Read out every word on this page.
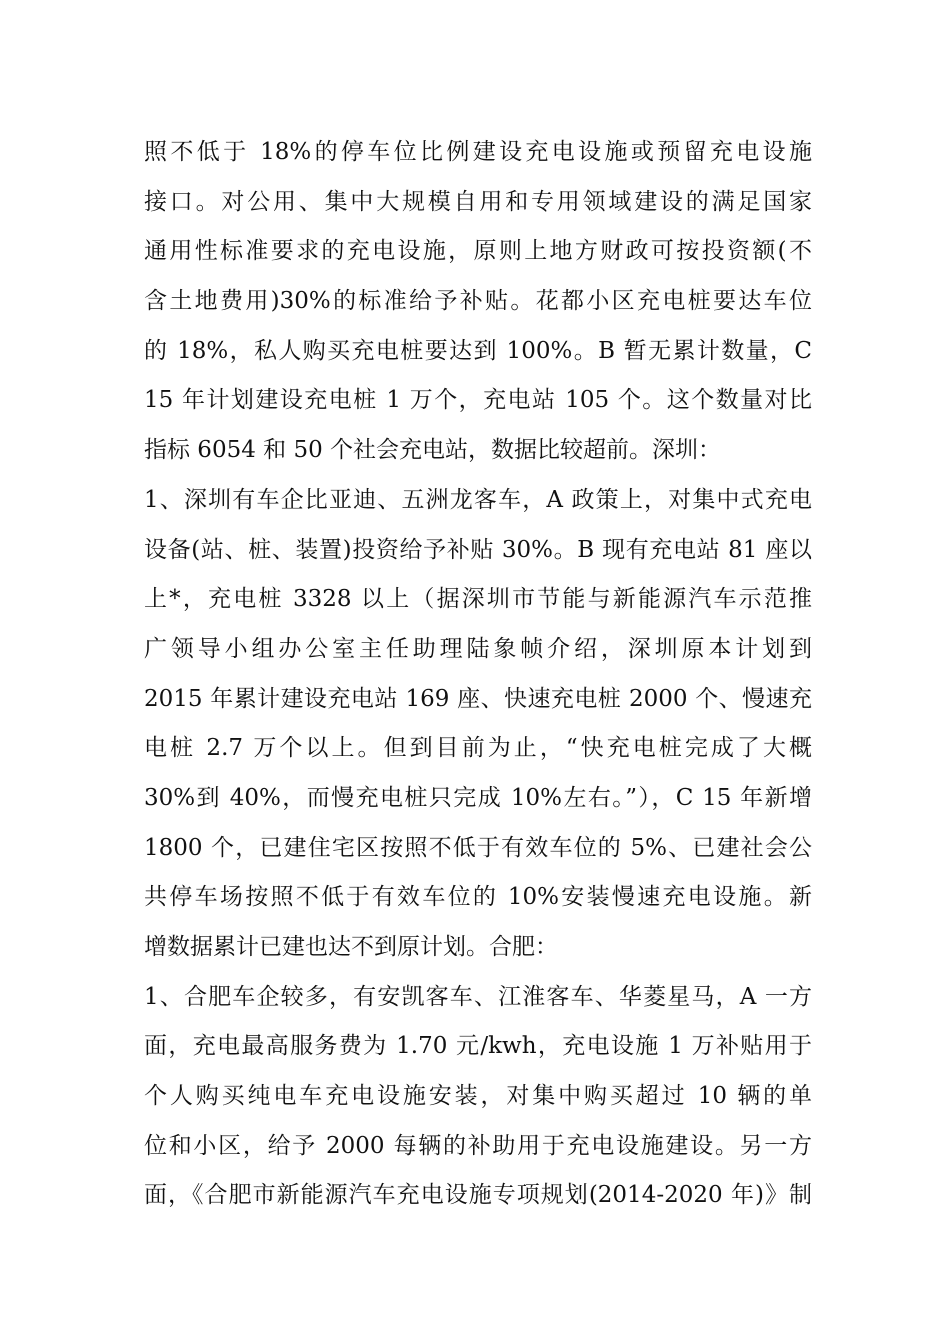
照不低于 18%的停车位比例建设充电设施或预留充电设施
接口。对公用、集中大规模自用和专用领域建设的满足国家
通用性标准要求的充电设施，原则上地方财政可按投资额(不
含土地费用)30%的标准给予补贴。花都小区充电桩要达车位
的 18%，私人购买充电桩要达到 100%。B 暂无累计数量，C
15 年计划建设充电桩 1 万个，充电站 105 个。这个数量对比
指标 6054 和 50 个社会充电站，数据比较超前。深圳：
1、深圳有车企比亚迪、五洲龙客车，A 政策上，对集中式充电
设备(站、桩、装置)投资给予补贴 30%。B 现有充电站 81 座以
上*，充电桩 3328 以上（据深圳市节能与新能源汽车示范推
广领导小组办公室主任助理陆象帧介绍，深圳原本计划到
2015 年累计建设充电站 169 座、快速充电桩 2000 个、慢速充
电桩 2.7 万个以上。但到目前为止，“快充电桩完成了大概
30%到 40%，而慢充电桩只完成 10%左右。”），C 15 年新增
1800 个，已建住宅区按照不低于有效车位的 5%、已建社会公
共停车场按照不低于有效车位的 10%安装慢速充电设施。新
增数据累计已建也达不到原计划。合肥：
1、合肥车企较多，有安凯客车、江淮客车、华菱星马，A 一方
面，充电最高服务费为 1.70 元/kwh，充电设施 1 万补贴用于
个人购买纯电车充电设施安装，对集中购买超过 10 辆的单
位和小区，给予 2000 每辆的补助用于充电设施建设。另一方
面，《合肥市新能源汽车充电设施专项规划(2014-2020 年)》制
